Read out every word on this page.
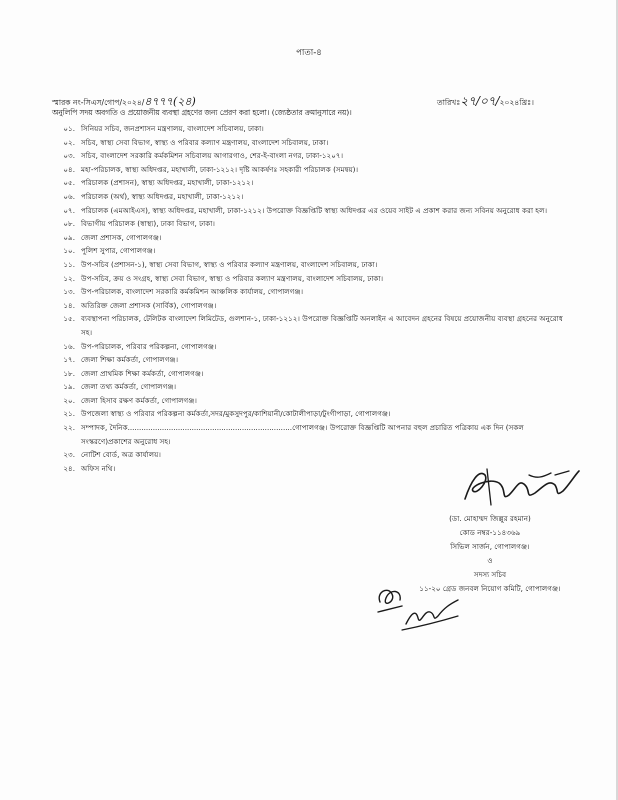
পাতা-৪
স্মারক নং-সিএস/গোপ/২০২৪/৪৭৭৭(২৪)	তারিখঃ২৭/০৭/২০২৪খ্রিঃ।
অনুলিপি সদয় অবগতি ও প্রয়োজনীয় ব্যবস্থা গ্রহণের জন্য প্রেরণ করা হলো। (জ্যেষ্ঠতার ক্রমানুসারে নয়)।
০১. সিনিয়র সচিব, জনপ্রশাসন মন্ত্রণালয়, বাংলাদেশ সচিবালয়, ঢাকা।
০২. সচিব, স্বাস্থ্য সেবা বিভাগ, স্বাস্থ্য ও পরিবার কল্যাণ মন্ত্রণালয়, বাংলাদেশ সচিবালয়, ঢাকা।
০৩. সচিব, বাংলাদেশ সরকারি কর্মকমিশন সচিবালয় আগারগাও, শের-ই-বাংলা নগর, ঢাকা-১২০৭।
০৪. মহা-পরিচালক, স্বাস্থ্য অধিদপ্তর, মহাখালী, ঢাকা-১২১২। দৃষ্টি আকর্ষণঃ সহকারী পরিচালক (সমন্বয়)।
০৫. পরিচালক (প্রশাসন), স্বাস্থ্য অধিদপ্তর, মহাখালী, ঢাকা-১২১২।
০৬. পরিচালক (অর্থ), স্বাস্থ্য অধিদপ্তর, মহাখালী, ঢাকা-১২১২।
০৭. পরিচালক (এমআইএস), স্বাস্থ্য অধিদপ্তর, মহাখালী, ঢাকা-১২১২। উপরোক্ত বিজ্ঞপ্তিটি স্বাস্থ্য অধিদপ্তর এর ওয়েব সাইট এ প্রকাশ করার জন্য সবিনয় অনুরোধ করা হল।
০৮. বিভাগীয় পরিচালক (স্বাস্থ্য), ঢাকা বিভাগ, ঢাকা।
০৯. জেলা প্রশাসক, গোপালগঞ্জ।
১০. পুলিশ সুপার, গোপালগঞ্জ।
১১. উপ-সচিব (প্রশাসন-১), স্বাস্থ্য সেবা বিভাগ, স্বাস্থ্য ও পরিবার কল্যাণ মন্ত্রণালয়, বাংলাদেশ সচিবালয়, ঢাকা।
১২. উপ-সচিব, ক্রয় ও সংগ্রহ, স্বাস্থ্য সেবা বিভাগ, স্বাস্থ্য ও পরিবার কল্যাণ মন্ত্রণালয়, বাংলাদেশ সচিবালয়, ঢাকা।
১৩. উপ-পরিচালক, বাংলাদেশ সরকারি কর্মকমিশন আঞ্চলিক কার্যালয়, গোপালগঞ্জ।
১৪. অতিরিক্ত জেলা প্রশাসক (সার্বিক), গোপালগঞ্জ।
১৫. ব্যবস্থাপনা পরিচালক, টেলিটক বাংলাদেশ লিমিটেড, গুলশান-১, ঢাকা-১২১২। উপরোক্ত বিজ্ঞপ্তিটি অনলাইন এ আবেদন গ্রহনের বিষয়ে প্রয়োজনীয় ব্যবস্থা গ্রহনের অনুরোধ সহ।
১৬. উপ-পরিচালক, পরিবার পরিকল্পনা, গোপালগঞ্জ।
১৭. জেলা শিক্ষা কর্মকর্তা, গোপালগঞ্জ।
১৮. জেলা প্রাথমিক শিক্ষা কর্মকর্তা, গোপালগঞ্জ।
১৯. জেলা তথ্য কর্মকর্তা, গোপালগঞ্জ।
২০. জেলা হিসাব রক্ষণ কর্মকর্তা, গোপালগঞ্জ।
২১. উপজেলা স্বাস্থ্য ও পরিবার পরিকল্পনা কর্মকর্তা,সদর/মুকসুদপুর/কাশিয়ানী/কোটালীপাড়া/টুংগীপাড়া, গোপালগঞ্জ।
২২. সম্পাদক, দৈনিক........................................................................গোপালগঞ্জ। উপরোক্ত বিজ্ঞপ্তিটি আপনার বহুল প্রচারিত পত্রিকায় এক দিন (সকল সংস্করণে)প্রকাশের অনুরোধ সহ।
২৩. নোটিশ বোর্ড, অত্র কার্যালয়।
২৪. অফিস নথি।
(ডা. মোহাম্মদ জিল্লুর রহমান)
কোড নম্বর-১১৪৩৬৯
সিভিল সার্জন, গোপালগঞ্জ।
ও
সদস্য সচিব
১১-২০ গ্রেড জনবল নিয়োগ কমিটি, গোপালগঞ্জ।
